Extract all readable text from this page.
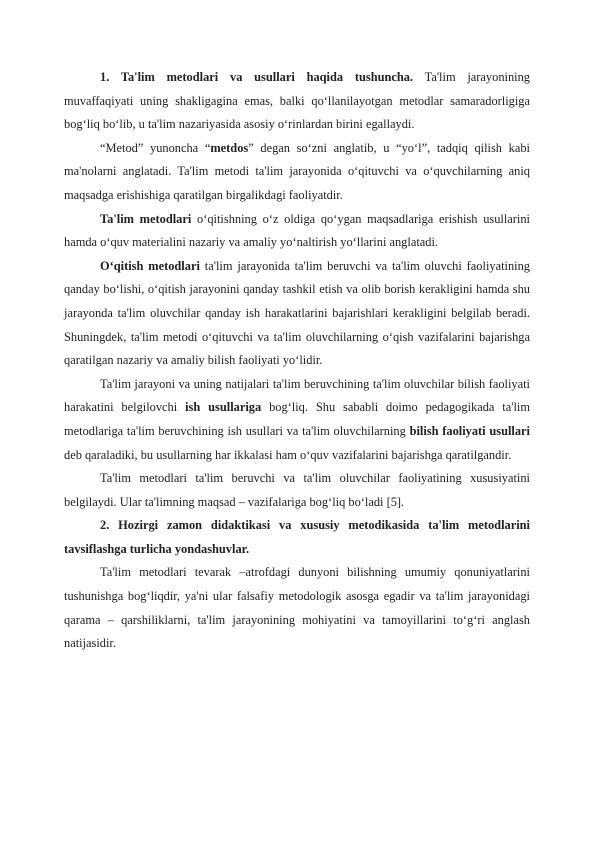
1. Ta'lim metodlari va usullari haqida tushuncha. Ta'lim jarayonining muvaffaqiyati uning shakligagina emas, balki qo‘llanilayotgan metodlar samaradorligiga bog‘liq bo‘lib, u ta'lim nazariyasida asosiy o‘rinlardan birini egallaydi.

“Metod” yunoncha “metdos” degan so‘zni anglatib, u “yo‘l”, tadqiq qilish kabi ma'nolarni anglatadi. Ta'lim metodi ta'lim jarayonida o‘qituvchi va o‘quvchilarning aniq maqsadga erishishiga qaratilgan birgalikdagi faoliyatdir.

Ta'lim metodlari o‘qitishning o‘z oldiga qo‘ygan maqsadlariga erishish usullarini hamda o‘quv materialini nazariy va amaliy yo‘naltirish yo‘llarini anglatadi.

O‘qitish metodlari ta'lim jarayonida ta'lim beruvchi va ta'lim oluvchi faoliyatining qanday bo‘lishi, o‘qitish jarayonini qanday tashkil etish va olib borish kerakligini hamda shu jarayonda ta'lim oluvchilar qanday ish harakatlarini bajarishlari kerakligini belgilab beradi. Shuningdek, ta'lim metodi o‘qituvchi va ta'lim oluvchilarning o‘qish vazifalarini bajarishga qaratilgan nazariy va amaliy bilish faoliyati yo‘lidir.

Ta'lim jarayoni va uning natijalari ta'lim beruvchining ta'lim oluvchilar bilish faoliyati harakatini belgilovchi ish usullariga bog‘liq. Shu sababli doimo pedagogikada ta'lim metodlariga ta'lim beruvchining ish usullari va ta'lim oluvchilarning bilish faoliyati usullari deb qaraladiki, bu usullarning har ikkalasi ham o‘quv vazifalarini bajarishga qaratilgandir.

Ta'lim metodlari ta'lim beruvchi va ta'lim oluvchilar faoliyatining xususiyatini belgilaydi. Ular ta'limning maqsad – vazifalariga bog‘liq bo‘ladi [5].

2. Hozirgi zamon didaktikasi va xususiy metodikasida ta'lim metodlarini tavsiflashga turlicha yondashuvlar.

Ta'lim metodlari tevarak –atrofdagi dunyoni bilishning umumiy qonuniyatlarini tushunishga bog‘liqdir, ya'ni ular falsafiy metodologik asosga egadir va ta'lim jarayonidagi qarama – qarshiliklarni, ta'lim jarayonining mohiyatini va tamoyillarini to‘g‘ri anglash natijasidir.
